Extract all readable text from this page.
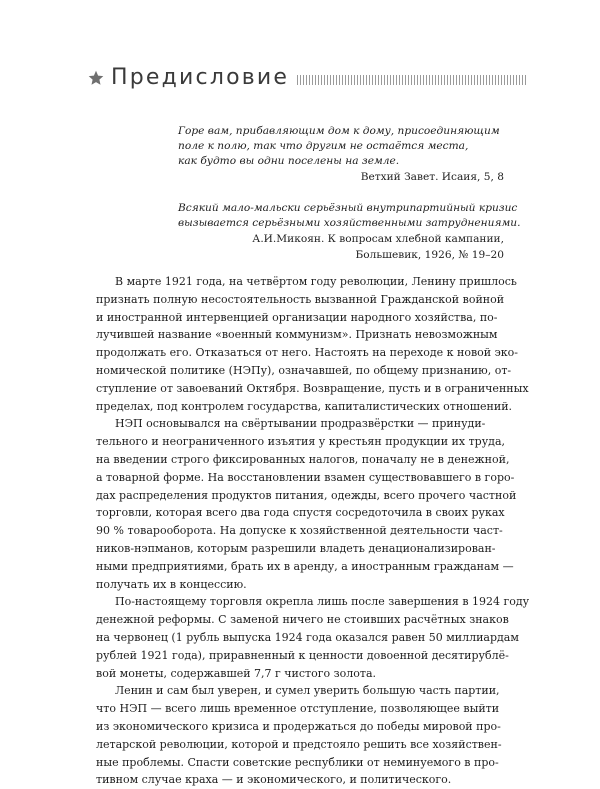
Предисловие

Горе вам, прибавляющим дом к дому, присоединяющим

поле к полю, так что другим не остаётся места,

как будто вы одни поселены на земле.

Ветхий Завет. Исаия, 5, 8

Всякий мало-мальски серьёзный внутрипартийный кризис

вызывается серьёзными хозяйственными затруднениями.

А.И.Микоян. К вопросам хлебной кампании,

Большевик, 1926, № 19–20

В марте 1921 года, на четвёртом году революции, Ленину пришлось
признать полную несостоятельность вызванной Гражданской войной
и иностранной интервенцией организации народного хозяйства, по-
лучившей название «военный коммунизм». Признать невозможным
продолжать его. Отказаться от него. Настоять на переходе к новой эко-
номической политике (НЭПу), означавшей, по общему признанию, от-
ступление от завоеваний Октября. Возвращение, пусть и в ограниченных
пределах, под контролем государства, капиталистических отношений.
НЭП основывался на свёртывании продразвёрстки — принуди-
тельного и неограниченного изъятия у крестьян продукции их труда,
на введении строго фиксированных налогов, поначалу не в денежной,
а товарной форме. На восстановлении взамен существовавшего в горо-
дах распределения продуктов питания, одежды, всего прочего частной
торговли, которая всего два года спустя сосредоточила в своих руках
90 % товарооборота. На допуске к хозяйственной деятельности част-
ников-нэпманов, которым разрешили владеть денационализирован-
ными предприятиями, брать их в аренду, а иностранным гражданам —
получать их в концессию.
По-настоящему торговля окрепла лишь после завершения в 1924 году
денежной реформы. С заменой ничего не стоивших расчётных знаков
на червонец (1 рубль выпуска 1924 года оказался равен 50 миллиардам
рублей 1921 года), приравненный к ценности довоенной десятирублё-
вой монеты, содержавшей 7,7 г чистого золота.
Ленин и сам был уверен, и сумел уверить большую часть партии,
что НЭП — всего лишь временное отступление, позволяющее выйти
из экономического кризиса и продержаться до победы мировой про-
летарской революции, которой и предстояло решить все хозяйствен-
ные проблемы. Спасти советские республики от неминуемого в про-
тивном случае краха — и экономического, и политического.
